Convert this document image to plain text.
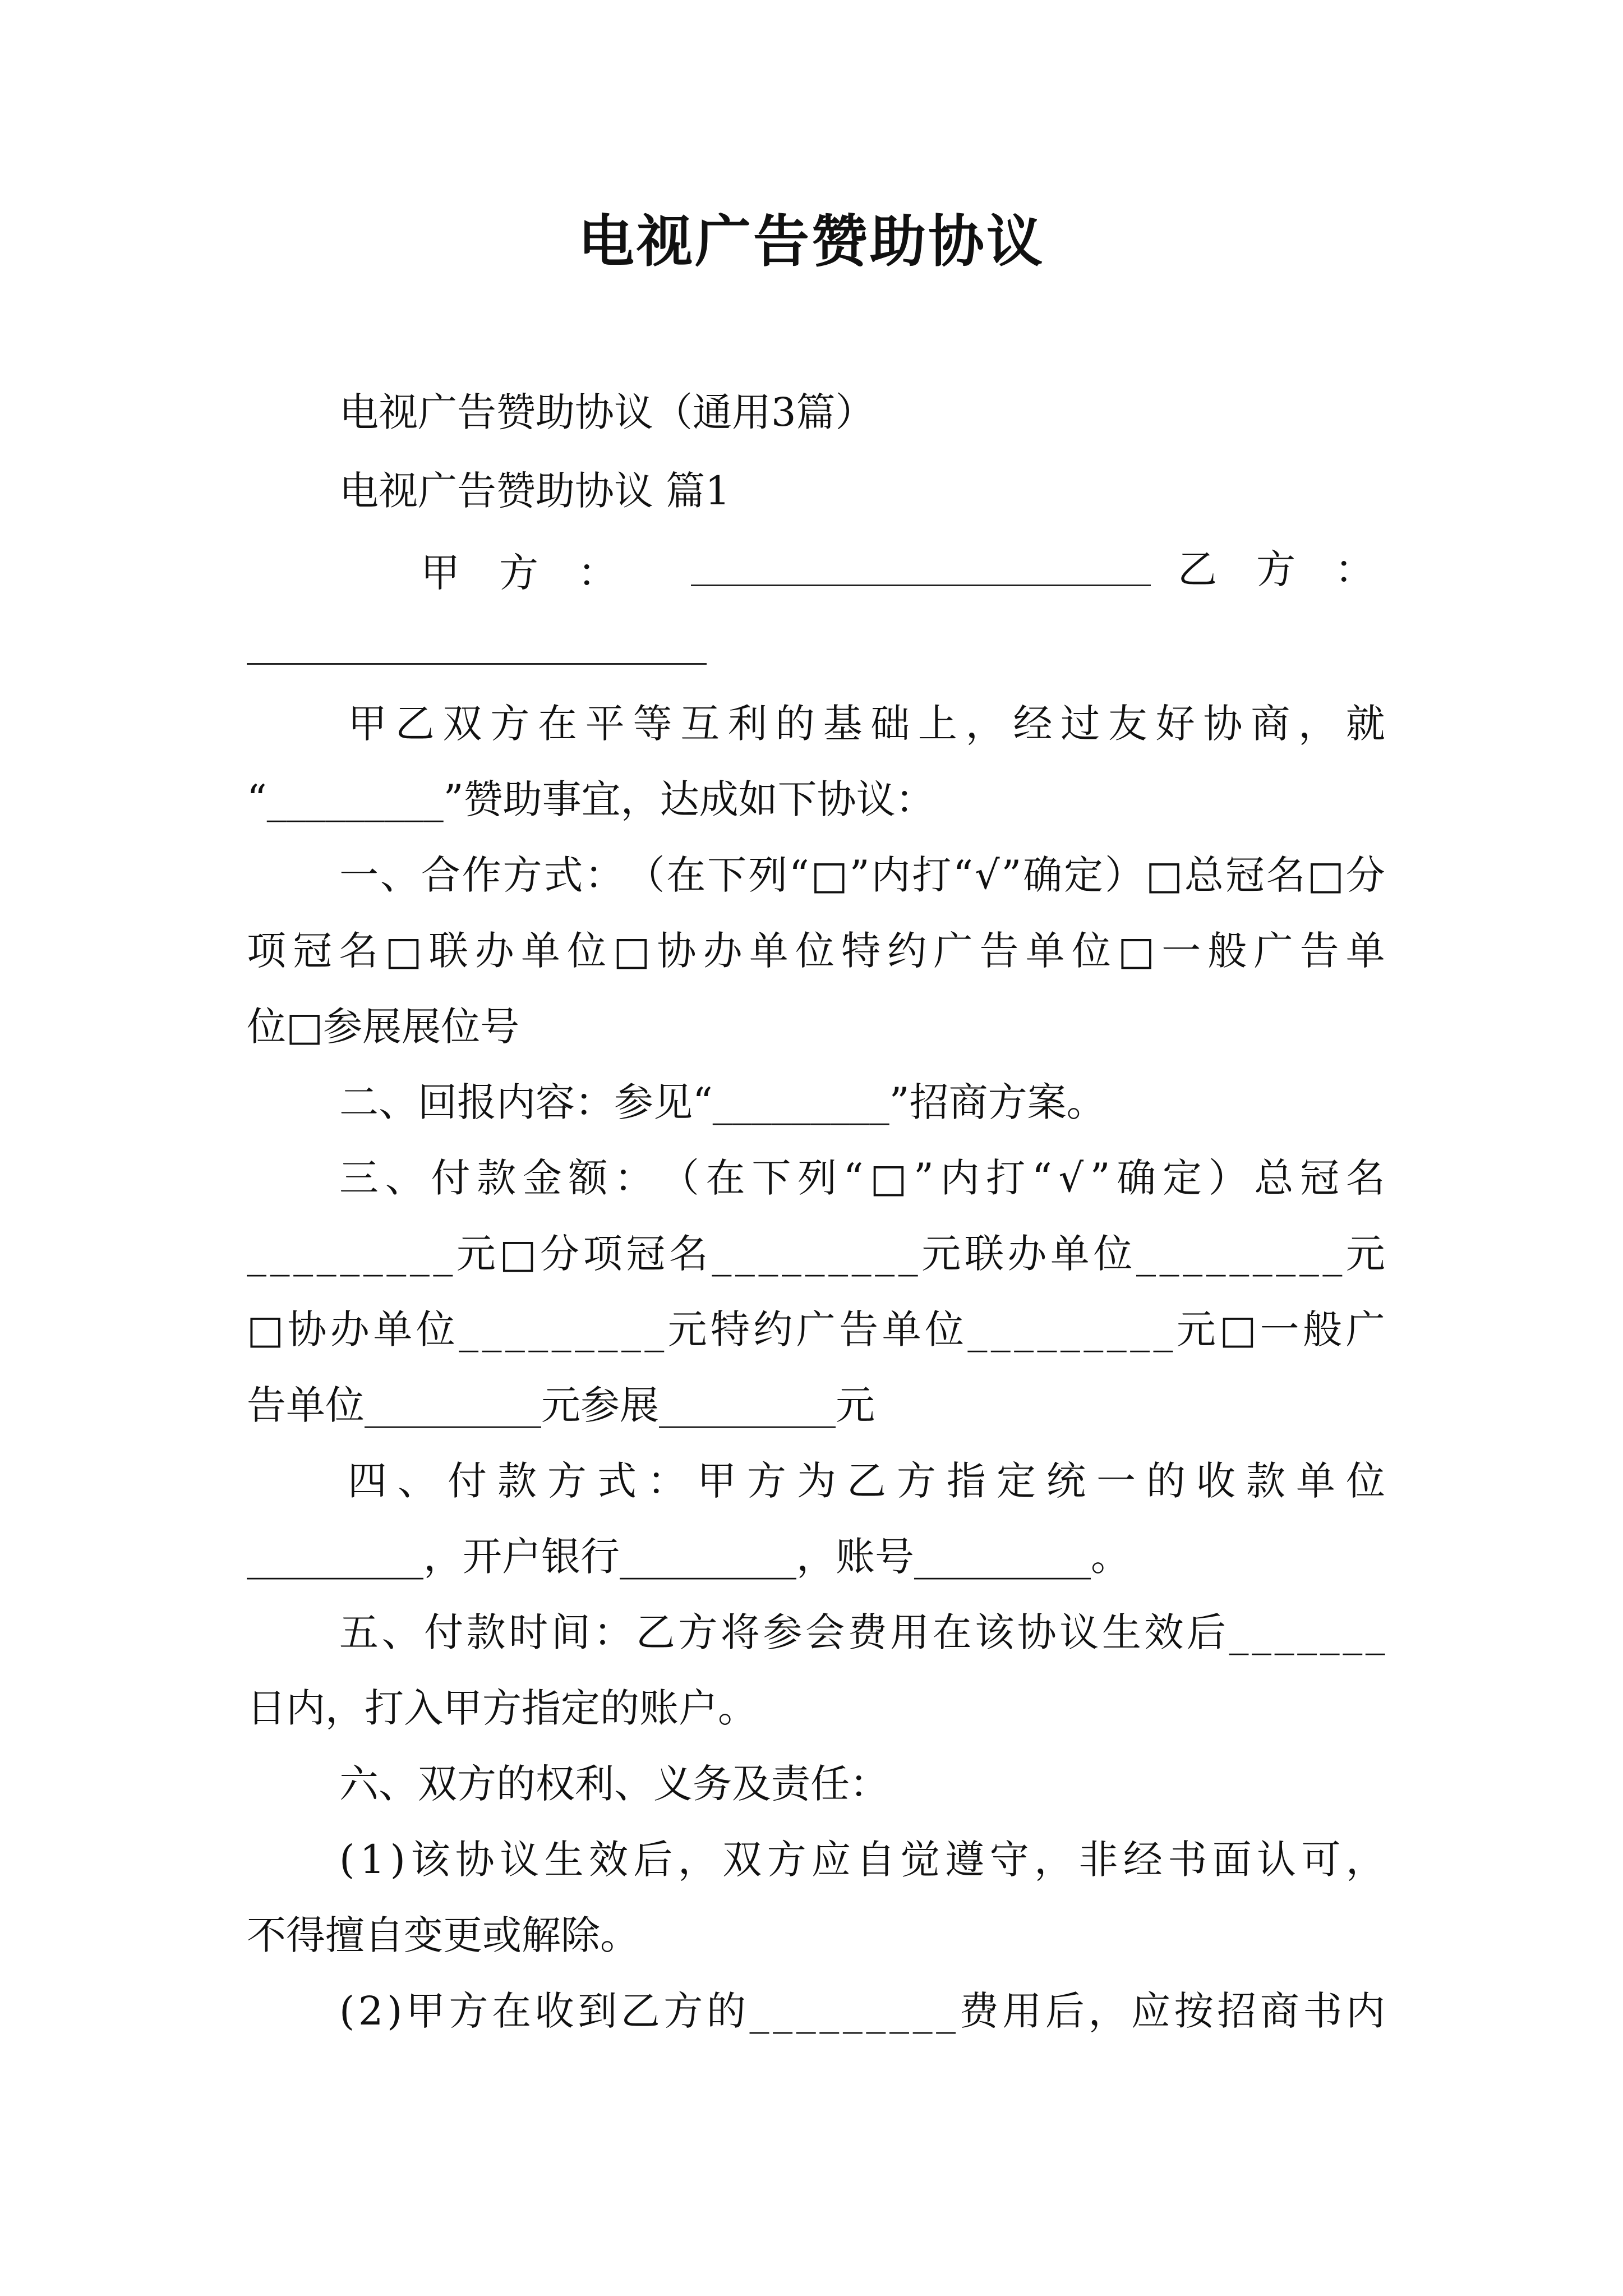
电视广告赞助协议
电视广告赞助协议（通用3篇）
电视广告赞助协议 篇1
甲方：	乙方：
甲 乙 双 方 在 平 等 互 利 的 基 础 上 ， 经 过 友 好 协 商 ， 就
“_________”赞助事宜，达成如下协议：
一 、 合 作 方 式 ： （ 在 下 列 “ □ ” 内 打 “ √ ” 确 定 ） □ 总 冠 名 □ 分
项 冠 名 □ 联 办 单 位 □ 协 办 单 位 特 约 广 告 单 位 □ 一 般 广 告 单
位□参展展位号
二、回报内容：参见“_________”招商方案。
三 、 付 款 金 额 ： （ 在 下 列 “ □ ” 内 打 “ √ ” 确 定 ） 总 冠 名
_ _ _ _ _ _ _ _ _ 元 □ 分 项 冠 名 _ _ _ _ _ _ _ _ _ 元 联 办 单 位 _ _ _ _ _ _ _ _ _ 元
□ 协 办 单 位 _ _ _ _ _ _ _ _ _ 元 特 约 广 告 单 位 _ _ _ _ _ _ _ _ _ 元 □ 一 般 广
告单位_________元参展_________元
四 、 付 款 方 式 ： 甲 方 为 乙 方 指 定 统 一 的 收 款 单 位
_________，开户银行_________，账号_________。
五 、 付 款 时 间 ： 乙 方 将 参 会 费 用 在 该 协 议 生 效 后 _ _ _ _ _ _ _
日内，打入甲方指定的账户。
六、双方的权利、义务及责任：
( 1 ) 该 协 议 生 效 后 ， 双 方 应 自 觉 遵 守 ， 非 经 书 面 认 可 ，
不得擅自变更或解除。
( 2 ) 甲 方 在 收 到 乙 方 的 _ _ _ _ _ _ _ _ _ 费 用 后 ， 应 按 招 商 书 内
